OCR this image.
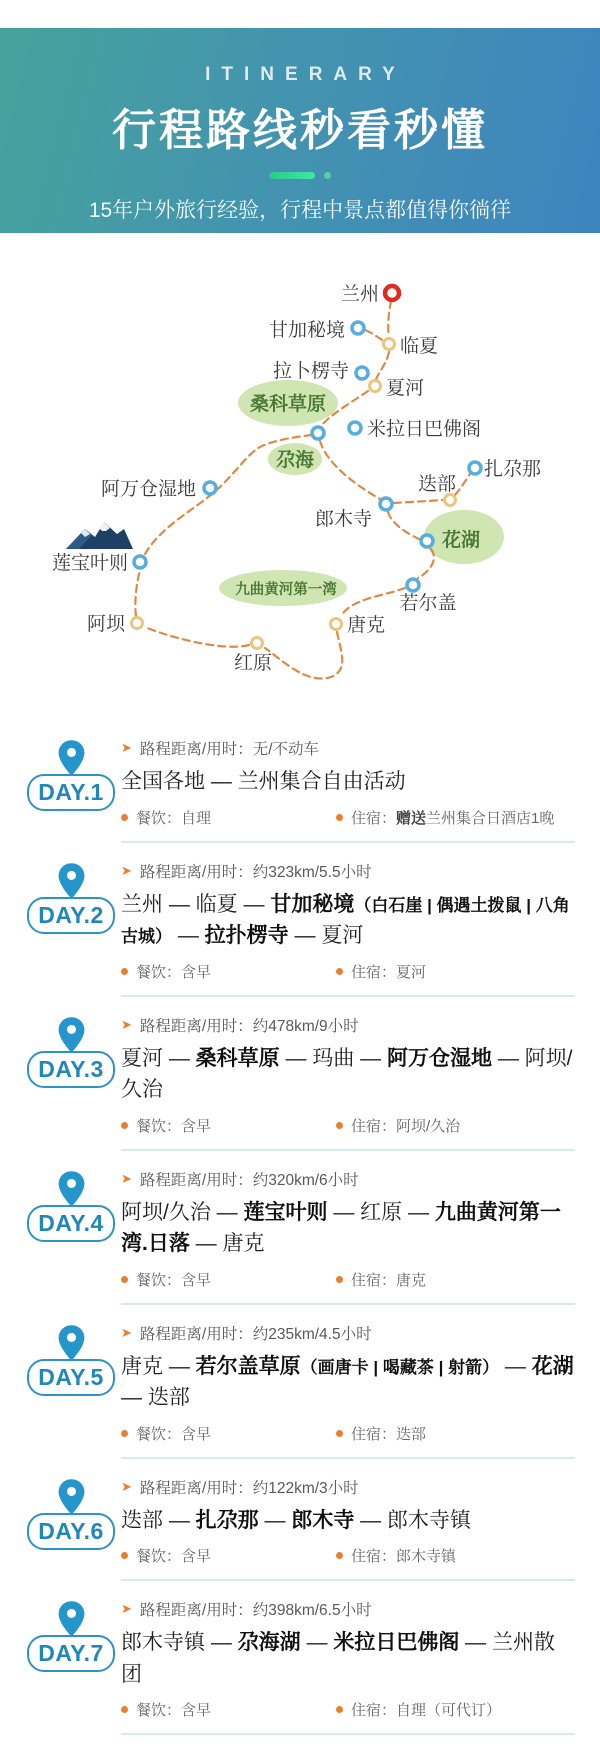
ITINERARY
行程路线秒看秒懂
15年户外旅行经验，行程中景点都值得你徜徉
桑科草原
尕海
花湖
九曲黄河第一湾
兰州
临夏
甘加秘境
拉卜楞寺
夏河
米拉日巴佛阁
阿万仓湿地
扎尕那
迭部
郎木寺
若尔盖
唐克
莲宝叶则
阿坝
红原
DAY.1
➤ 路程距离/用时： 无/不动车
全国各地 — 兰州集合自由活动
餐饮： 自理	住宿： 赠送兰州集合日酒店1晚
DAY.2
➤ 路程距离/用时： 约323km/5.5小时
兰州 — 临夏 — 甘加秘境（白石崖 | 偶遇土拨鼠 | 八角古城） — 拉扑楞寺 — 夏河
餐饮： 含早	住宿： 夏河
DAY.3
➤ 路程距离/用时： 约478km/9小时
夏河 — 桑科草原 — 玛曲 — 阿万仓湿地 — 阿坝/久治
餐饮： 含早	住宿： 阿坝/久治
DAY.4
➤ 路程距离/用时： 约320km/6小时
阿坝/久治 — 莲宝叶则 — 红原 — 九曲黄河第一湾.日落 — 唐克
餐饮： 含早	住宿： 唐克
DAY.5
➤ 路程距离/用时： 约235km/4.5小时
唐克 — 若尔盖草原（画唐卡 | 喝藏茶 | 射箭） — 花湖 — 迭部
餐饮： 含早	住宿： 迭部
DAY.6
➤ 路程距离/用时： 约122km/3小时
迭部 — 扎尕那 — 郎木寺 — 郎木寺镇
餐饮： 含早	住宿： 郎木寺镇
DAY.7
➤ 路程距离/用时： 约398km/6.5小时
郎木寺镇 — 尕海湖 — 米拉日巴佛阁 — 兰州散团
餐饮： 含早	住宿： 自理（可代订）
